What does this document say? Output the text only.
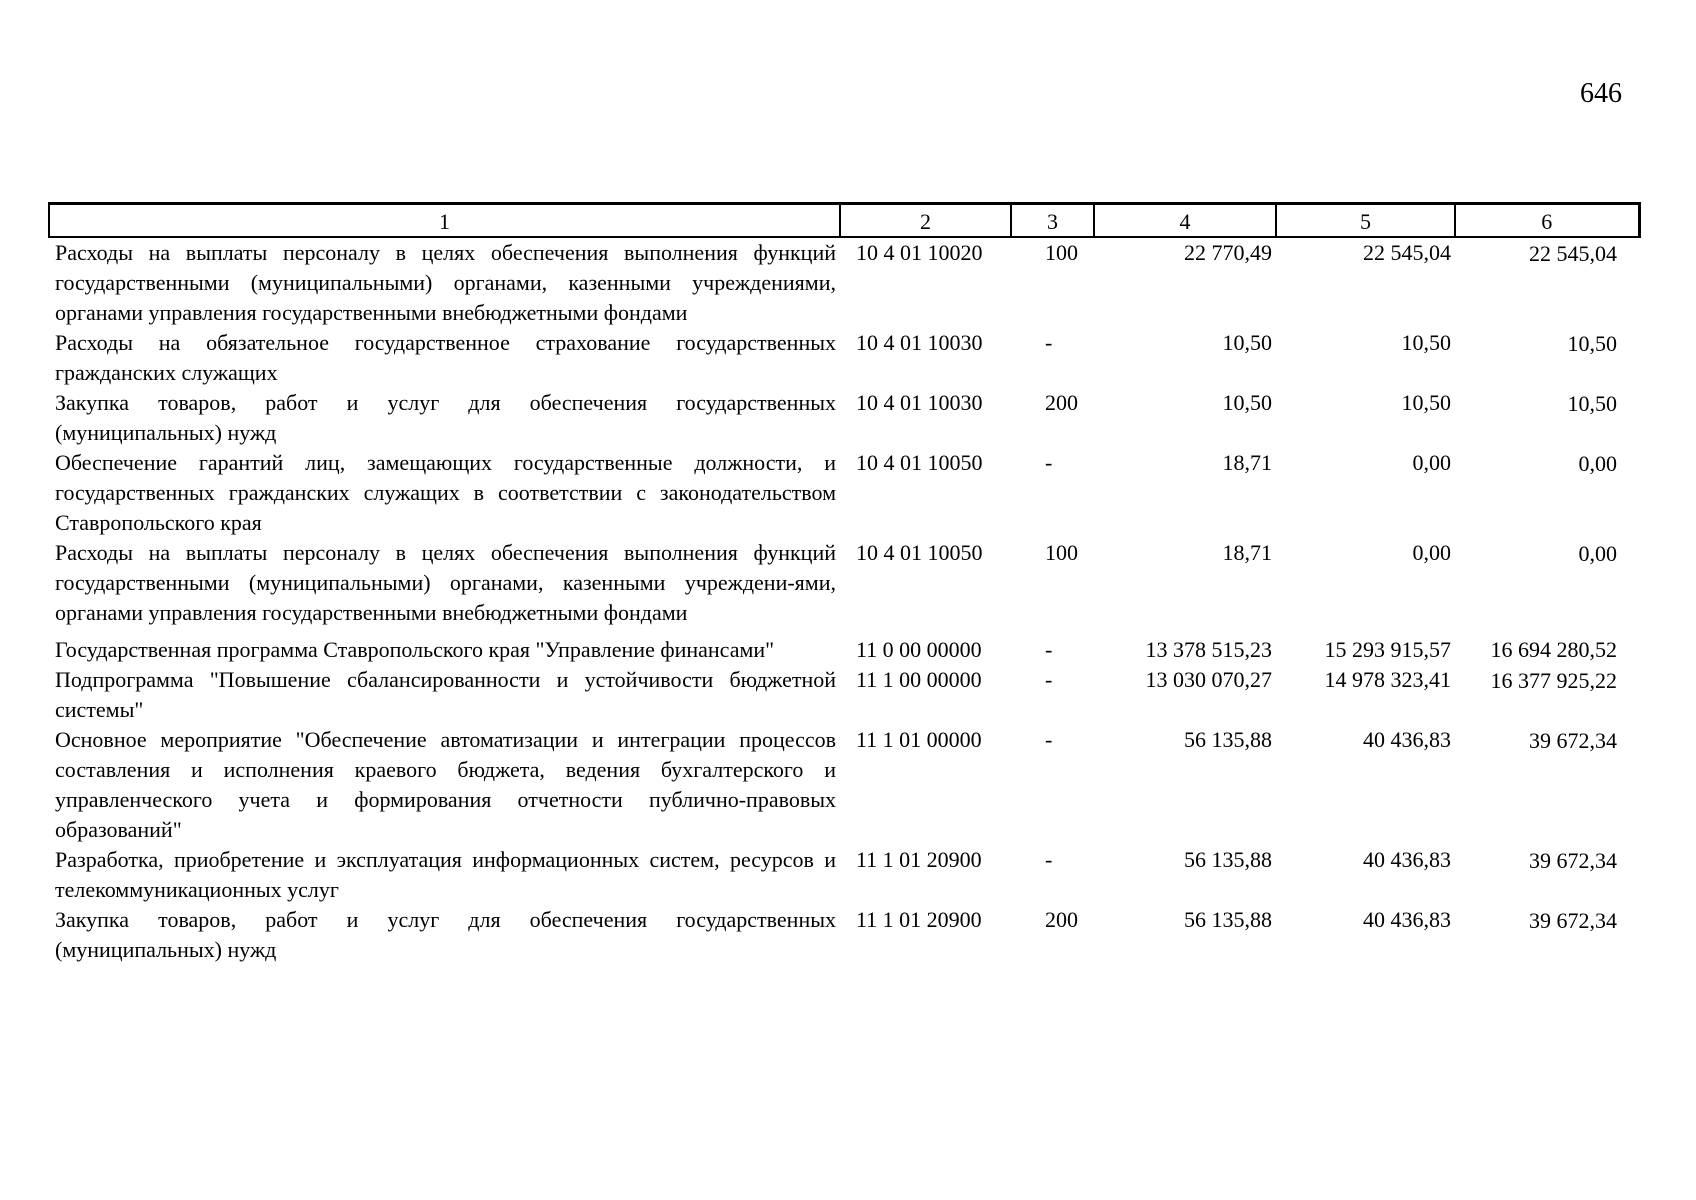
646
1	2	3	4	5	6
Расходы на выплаты персоналу в целях обеспечения выполнения функций государственными (муниципальными) органами, казенными учреждениями, органами управления государственными внебюджетными фондами	10 4 01 10020	100	22 770,49	22 545,04	22 545,04
Расходы на обязательное государственное страхование государственных гражданских служащих	10 4 01 10030	-	10,50	10,50	10,50
Закупка товаров, работ и услуг для обеспечения государственных (муниципальных) нужд	10 4 01 10030	200	10,50	10,50	10,50
Обеспечение гарантий лиц, замещающих государственные должности, и государственных гражданских служащих в соответствии с законодательством Ставропольского края	10 4 01 10050	-	18,71	0,00	0,00
Расходы на выплаты персоналу в целях обеспечения выполнения функций государственными (муниципальными) органами, казенными учреждени-ями, органами управления государственными внебюджетными фондами	10 4 01 10050	100	18,71	0,00	0,00
Государственная программа Ставропольского края "Управление финансами"	11 0 00 00000	-	13 378 515,23	15 293 915,57	16 694 280,52
Подпрограмма "Повышение сбалансированности и устойчивости бюджетной системы"	11 1 00 00000	-	13 030 070,27	14 978 323,41	16 377 925,22
Основное мероприятие "Обеспечение автоматизации и интеграции процессов составления и исполнения краевого бюджета, ведения бухгалтерского и управленческого учета и формирования отчетности публично-правовых образований"	11 1 01 00000	-	56 135,88	40 436,83	39 672,34
Разработка, приобретение и эксплуатация информационных систем, ресурсов и телекоммуникационных услуг	11 1 01 20900	-	56 135,88	40 436,83	39 672,34
Закупка товаров, работ и услуг для обеспечения государственных (муниципальных) нужд	11 1 01 20900	200	56 135,88	40 436,83	39 672,34
